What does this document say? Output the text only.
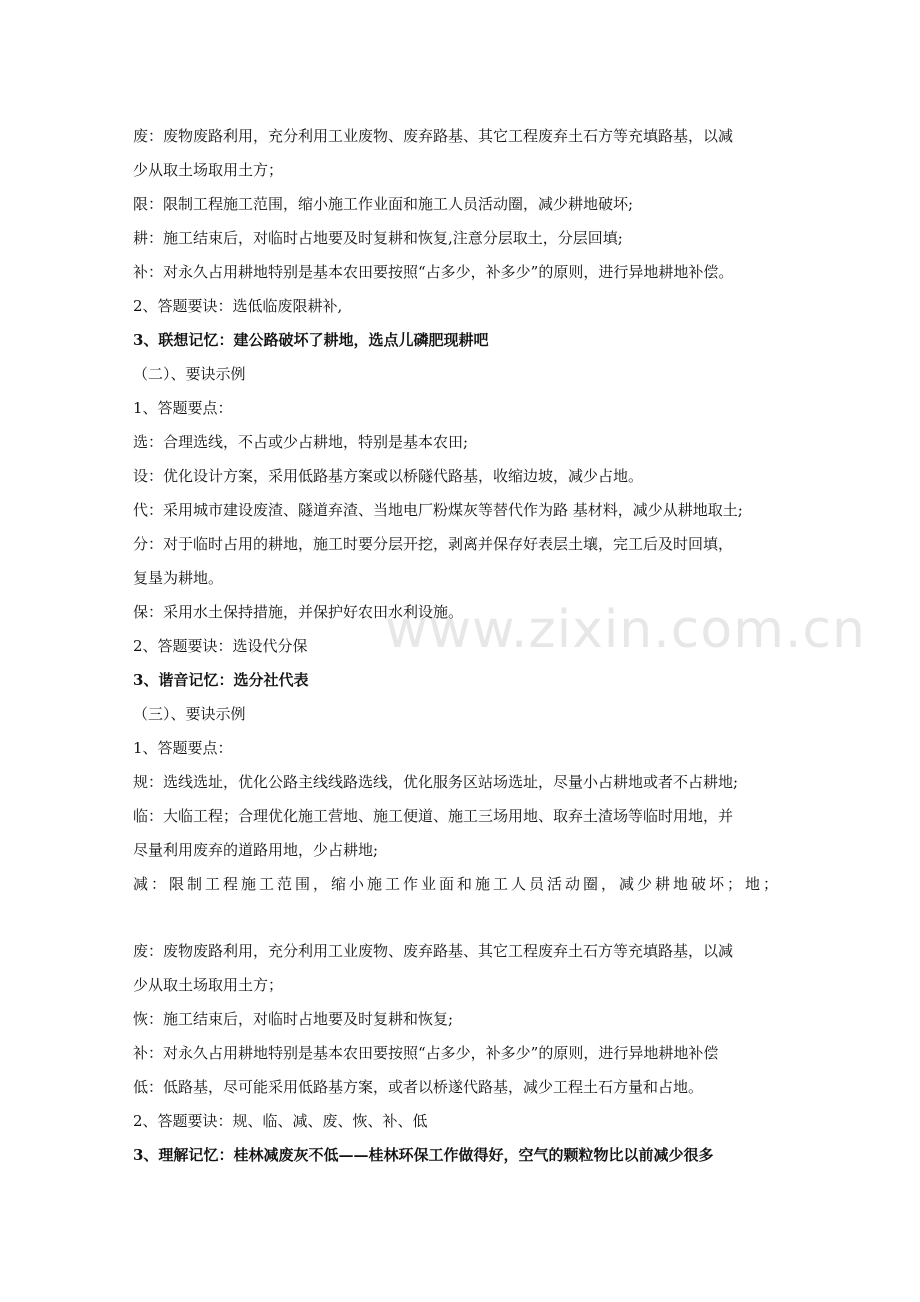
废：废物废路利用，充分利用工业废物、废弃路基、其它工程废弃土石方等充填路基，以减
少从取土场取用土方；
限：限制工程施工范围，缩小施工作业面和施工人员活动圈，减少耕地破坏;
耕：施工结束后，对临时占地要及时复耕和恢复,注意分层取土，分层回填;
补：对永久占用耕地特别是基本农田要按照“占多少，补多少”的原则，进行异地耕地补偿。
2、答题要诀：选低临废限耕补,
3、联想记忆：建公路破坏了耕地，选点儿磷肥现耕吧
（二）、要诀示例
1、答题要点：
选：合理选线，不占或少占耕地，特别是基本农田;
设：优化设计方案，采用低路基方案或以桥隧代路基，收缩边坡，减少占地。
代：采用城市建设废渣、隧道弃渣、当地电厂粉煤灰等替代作为路 基材料，减少从耕地取土;
分：对于临时占用的耕地，施工时要分层开挖，剥离并保存好表层土壤，完工后及时回填，
复垦为耕地。
保：采用水土保持措施，并保护好农田水利设施。
2、答题要诀：选设代分保
3、谐音记忆：选分社代表
（三）、要诀示例
1、答题要点：
规：选线选址，优化公路主线线路选线，优化服务区站场选址，尽量小占耕地或者不占耕地;
临：大临工程；合理优化施工营地、施工便道、施工三场用地、取弃土渣场等临时用地，并
尽量利用废弃的道路用地，少占耕地;
减：限制工程施工范围，缩小施工作业面和施工人员活动圈，减少耕地破坏；地；
废：废物废路利用，充分利用工业废物、废弃路基、其它工程废弃土石方等充填路基，以减
少从取土场取用土方；
恢：施工结束后，对临时占地要及时复耕和恢复;
补：对永久占用耕地特别是基本农田要按照“占多少，补多少”的原则，进行异地耕地补偿
低：低路基，尽可能采用低路基方案，或者以桥遂代路基，减少工程土石方量和占地。
2、答题要诀：规、临、减、废、恢、补、低
3、理解记忆：桂林减废灰不低——桂林环保工作做得好，空气的颗粒物比以前减少很多
www.zixin.com.cn
